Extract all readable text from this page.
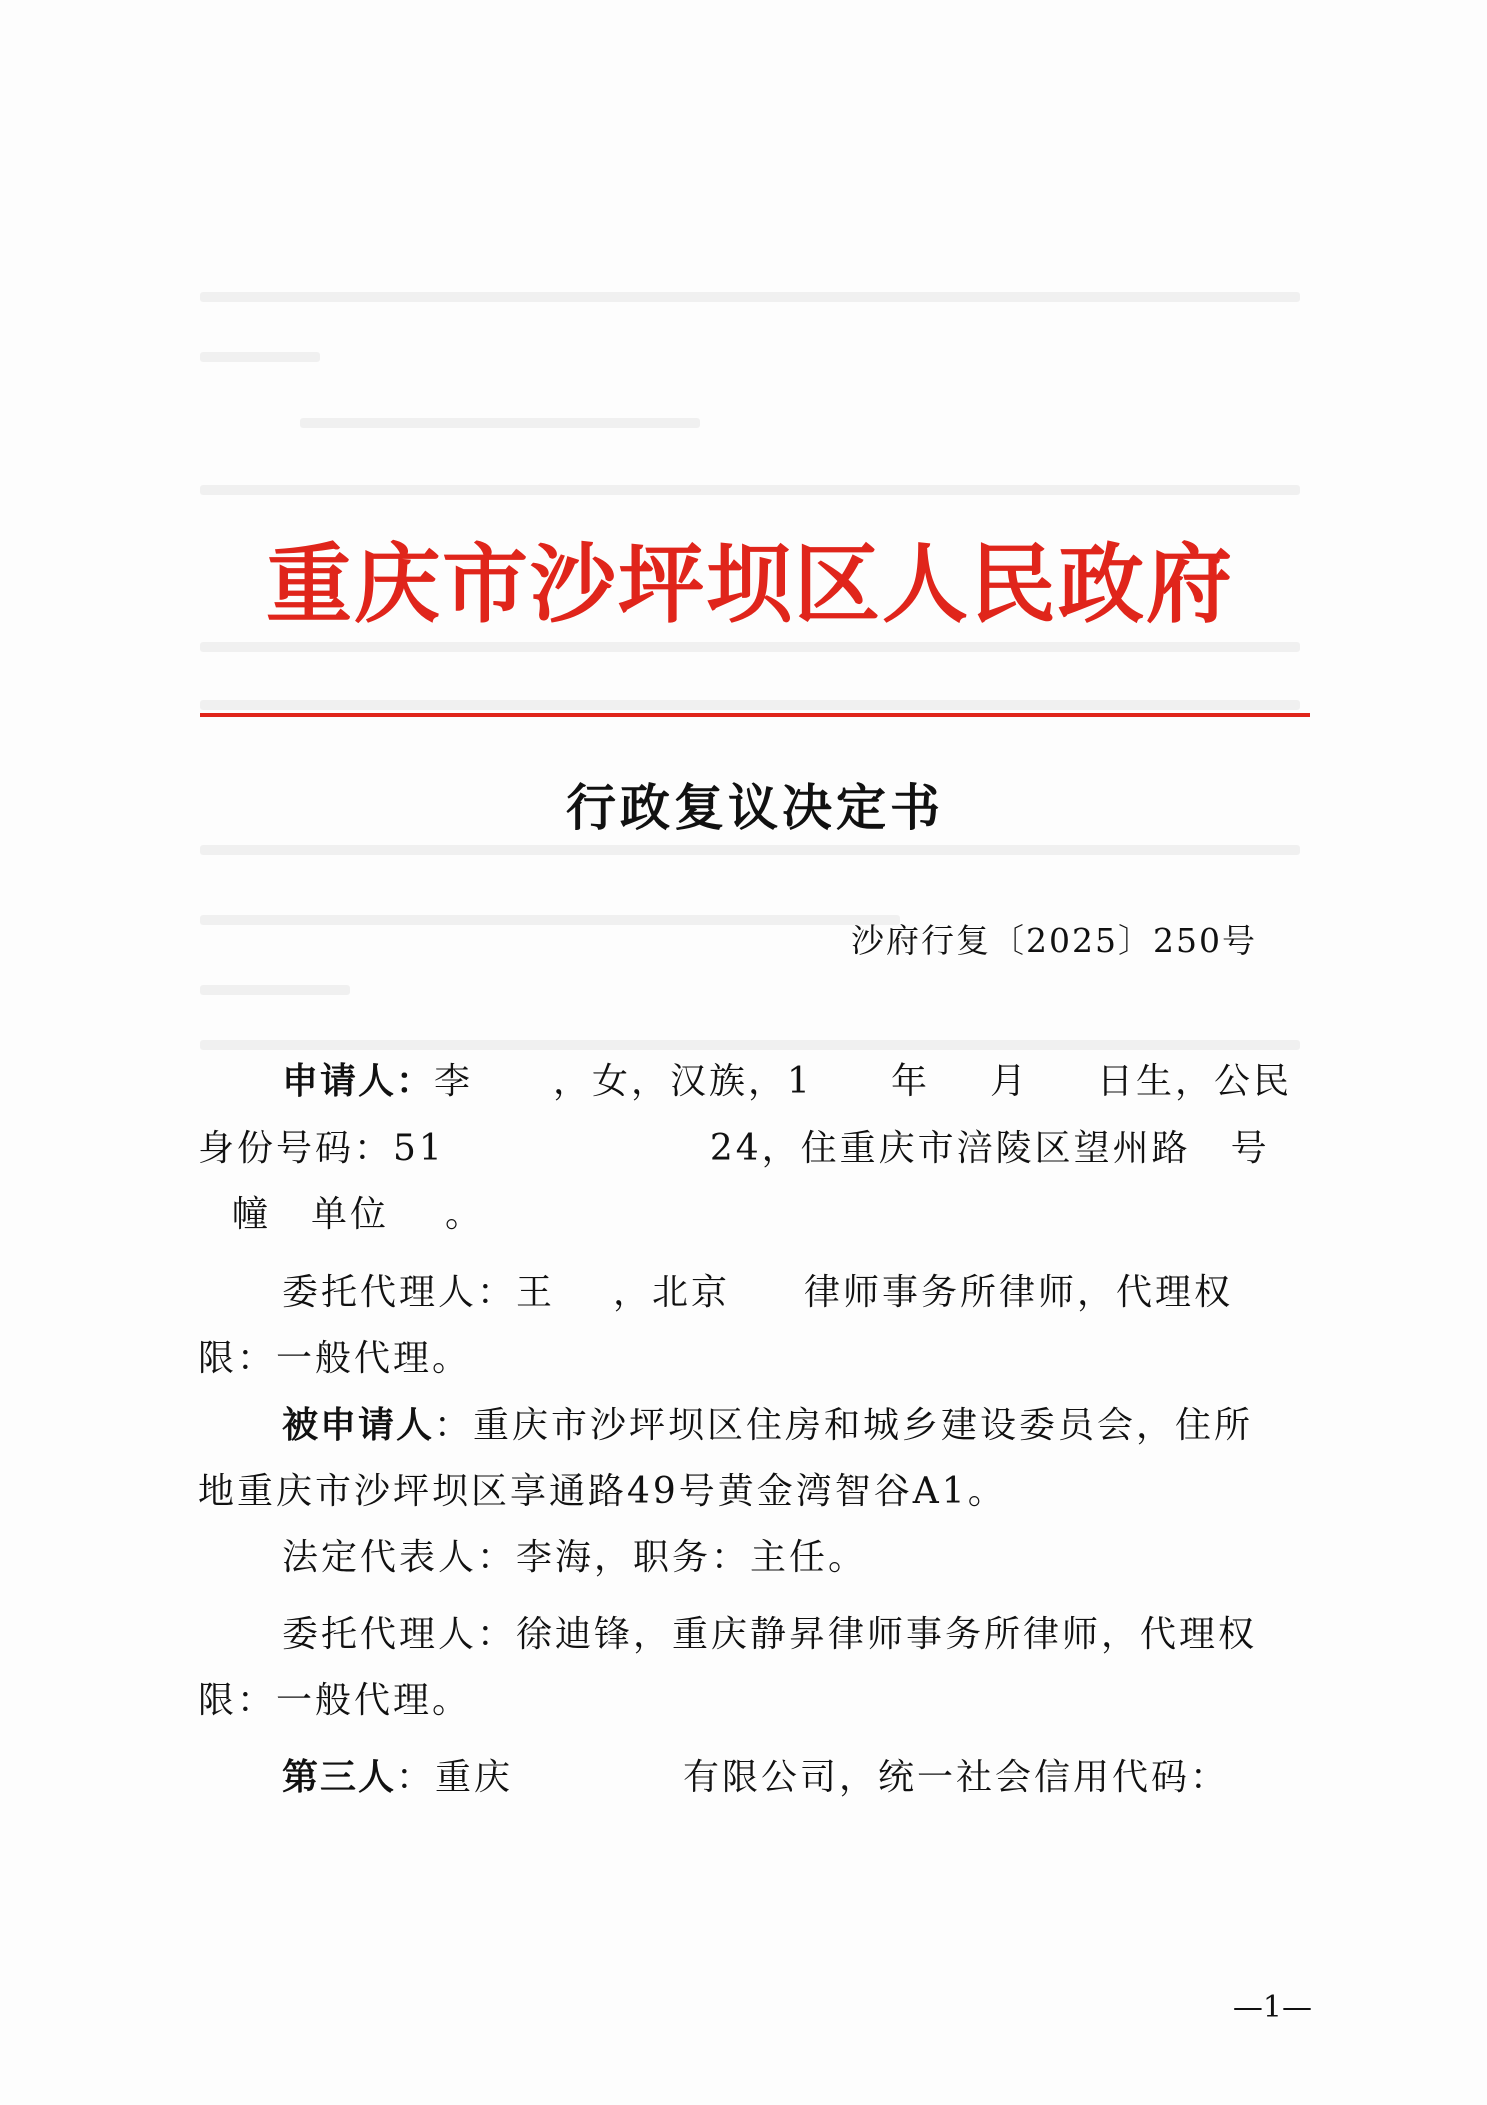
重庆市沙坪坝区人民政府
行政复议决定书
沙府行复〔2025〕250号
申请人：李 ，女，汉族，1 年 月 日生，公民
身份号码：51	24，住重庆市涪陵区望州路 号
幢 单位 。
委托代理人：王 ，北京 律师事务所律师，代理权
限：一般代理。
被申请人：重庆市沙坪坝区住房和城乡建设委员会，住所
地重庆市沙坪坝区享通路49号黄金湾智谷A1。
法定代表人：李海，职务：主任。
委托代理人：徐迪锋，重庆静昇律师事务所律师，代理权
限：一般代理。
第三人：重庆	有限公司，统一社会信用代码：
—1—
